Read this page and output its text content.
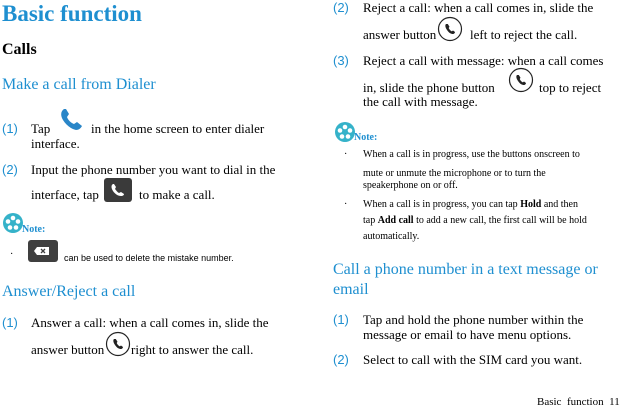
Basic function
Calls
Make a call from Dialer
(1) Tap	in the home screen to enter dialer
interface.
(2) Input the phone number you want to dial in the
interface, tap	to make a call.
Note:
·	can be used to delete the mistake number.
Answer/Reject a call
(1) Answer a call: when a call comes in, slide the
answer button right to answer the call.
(2) Reject a call: when a call comes in, slide the
answer button	left to reject the call.
(3) Reject a call with message: when a call comes
in, slide the phone button	top to reject
the call with message.
Note:
· When a call is in progress, use the buttons onscreen to
mute or unmute the microphone or to turn the
speakerphone on or off.
· When a call is in progress, you can tap Hold and then
tap Add call to add a new call, the first call will be hold
automatically.
Call a phone number in a text message or
email
(1) Tap and hold the phone number within the
message or email to have menu options.
(2) Select to call with the SIM card you want.
Basic  function  11
